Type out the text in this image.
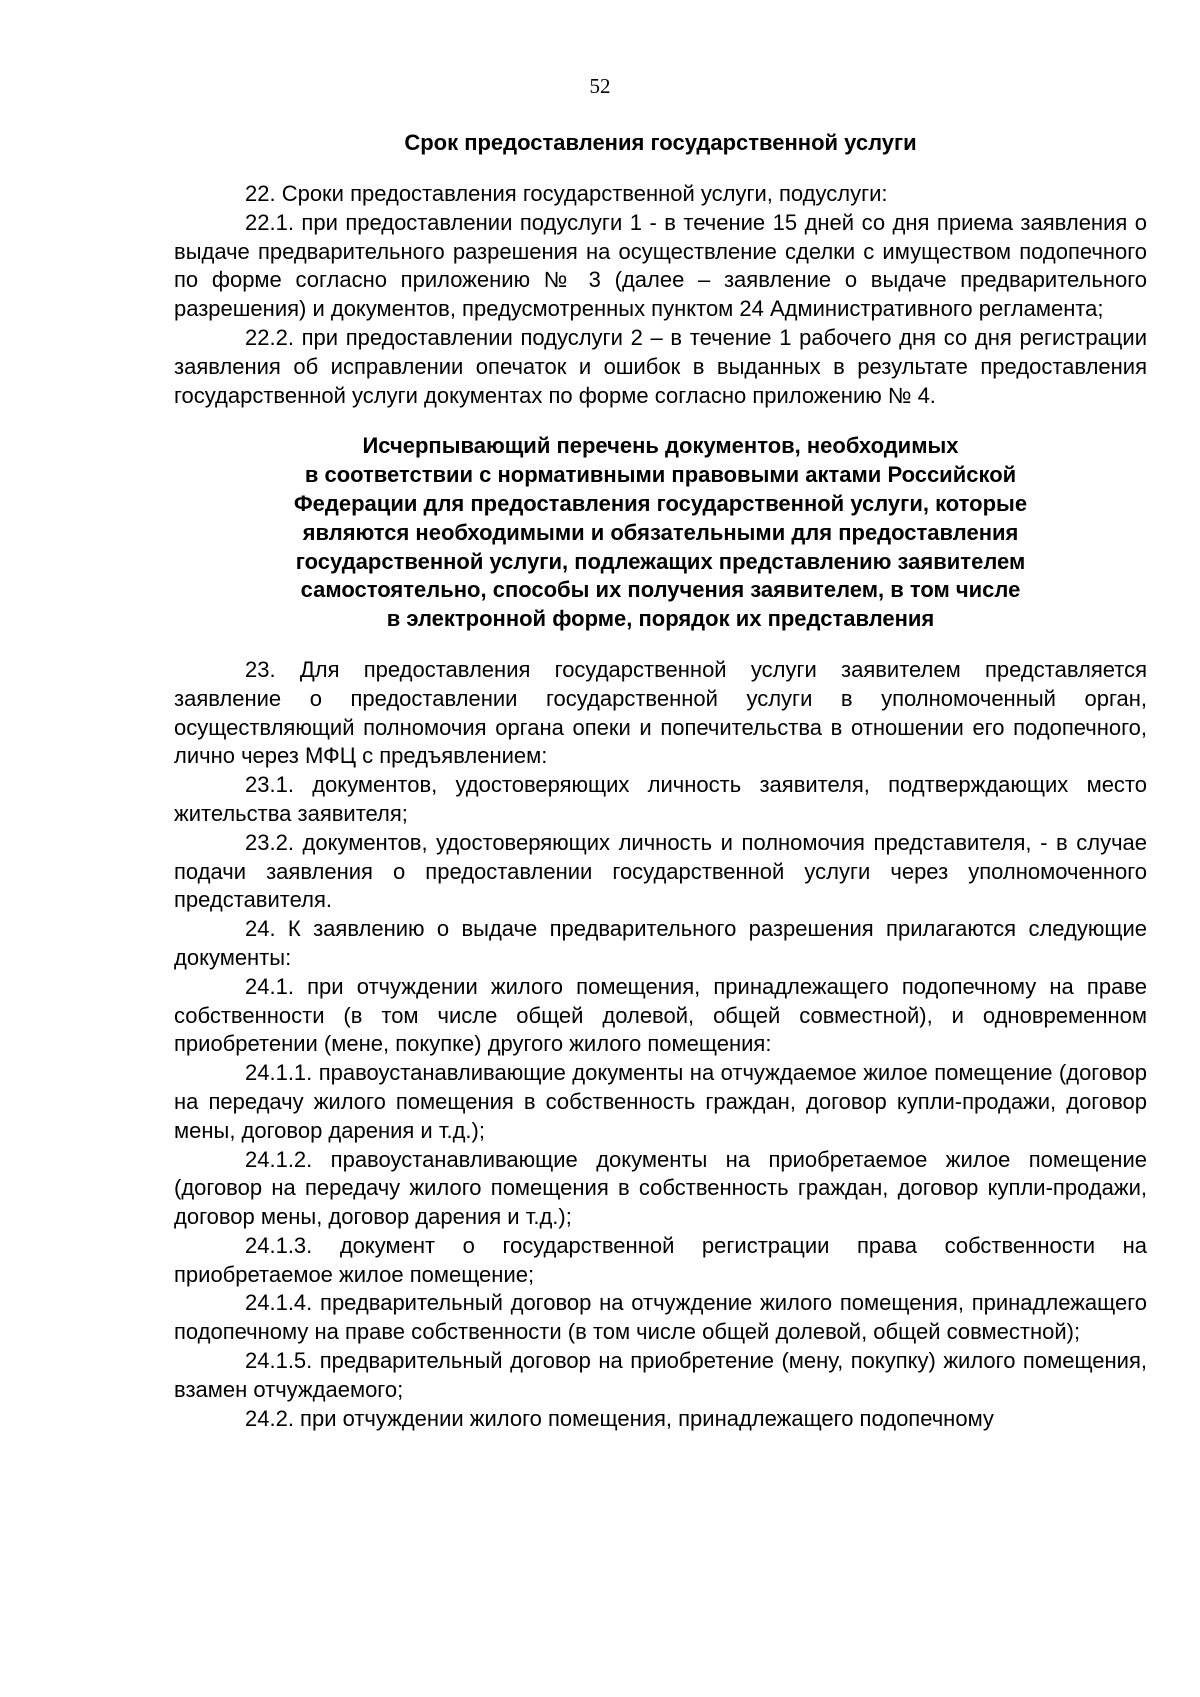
52
Срок предоставления государственной услуги

22. Сроки предоставления государственной услуги, подуслуги:

22.1. при предоставлении подуслуги 1 - в течение 15 дней со дня приема заявления о выдаче предварительного разрешения на осуществление сделки с имуществом подопечного по форме согласно приложению № 3 (далее – заявление о выдаче предварительного разрешения) и документов, предусмотренных пунктом 24 Административного регламента;

22.2. при предоставлении подуслуги 2 – в течение 1 рабочего дня со дня регистрации заявления об исправлении опечаток и ошибок в выданных в результате предоставления государственной услуги документах по форме согласно приложению № 4.

Исчерпывающий перечень документов, необходимых
в соответствии с нормативными правовыми актами Российской
Федерации для предоставления государственной услуги, которые
являются необходимыми и обязательными для предоставления
государственной услуги, подлежащих представлению заявителем
самостоятельно, способы их получения заявителем, в том числе
в электронной форме, порядок их представления

23. Для предоставления государственной услуги заявителем представляется заявление о предоставлении государственной услуги в уполномоченный орган, осуществляющий полномочия органа опеки и попечительства в отношении его подопечного, лично через МФЦ с предъявлением:

23.1. документов, удостоверяющих личность заявителя, подтверждающих место жительства заявителя;

23.2. документов, удостоверяющих личность и полномочия представителя, - в случае подачи заявления о предоставлении государственной услуги через уполномоченного представителя.

24. К заявлению о выдаче предварительного разрешения прилагаются следующие документы:

24.1. при отчуждении жилого помещения, принадлежащего подопечному на праве собственности (в том числе общей долевой, общей совместной), и одновременном приобретении (мене, покупке) другого жилого помещения:

24.1.1. правоустанавливающие документы на отчуждаемое жилое помещение (договор на передачу жилого помещения в собственность граждан, договор купли-продажи, договор мены, договор дарения и т.д.);

24.1.2. правоустанавливающие документы на приобретаемое жилое помещение (договор на передачу жилого помещения в собственность граждан, договор купли-продажи, договор мены, договор дарения и т.д.);

24.1.3. документ о государственной регистрации права собственности на приобретаемое жилое помещение;

24.1.4. предварительный договор на отчуждение жилого помещения, принадлежащего подопечному на праве собственности (в том числе общей долевой, общей совместной);

24.1.5. предварительный договор на приобретение (мену, покупку) жилого помещения, взамен отчуждаемого;

24.2. при отчуждении жилого помещения, принадлежащего подопечному
